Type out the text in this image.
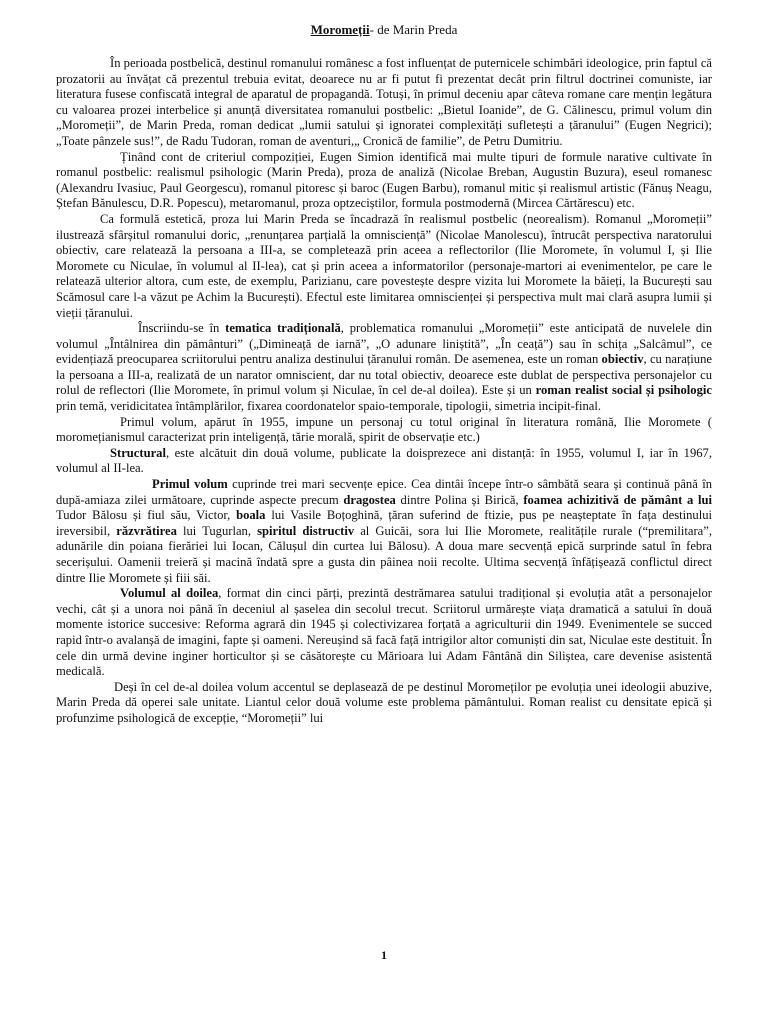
Moromeții- de Marin Preda

În perioada postbelică, destinul romanului românesc a fost influențat de puternicele schimbări ideologice, prin faptul că prozatorii au învățat că prezentul trebuia evitat, deoarece nu ar fi putut fi prezentat decât prin filtrul doctrinei comuniste, iar literatura fusese confiscată integral de aparatul de propagandă. Totuși, în primul deceniu apar câteva romane care mențin legătura cu valoarea prozei interbelice și anunță diversitatea romanului postbelic: „Bietul Ioanide”, de G. Călinescu, primul volum din „Moromeții”, de Marin Preda, roman dedicat „lumii satului și ignoratei complexități sufletești a țăranului” (Eugen Negrici); „Toate pânzele sus!”, de Radu Tudoran, roman de aventuri,„ Cronică de familie”, de Petru Dumitriu.

Ținând cont de criteriul compoziției, Eugen Simion identifică mai multe tipuri de formule narative cultivate în romanul postbelic: realismul psihologic (Marin Preda), proza de analiză (Nicolae Breban, Augustin Buzura), eseul romanesc (Alexandru Ivasiuc, Paul Georgescu), romanul pitoresc și baroc (Eugen Barbu), romanul mitic și realismul artistic (Fănuș Neagu, Ștefan Bănulescu, D.R. Popescu), metaromanul, proza optzeciștilor, formula postmodernă (Mircea Cărtărescu) etc.

Ca formulă estetică, proza lui Marin Preda se încadrază în realismul postbelic (neorealism). Romanul „Moromeții” ilustrează sfârșitul romanului doric, „renunțarea parțială la omnisciență” (Nicolae Manolescu), întrucât perspectiva naratorului obiectiv, care relatează la persoana a III-a, se completează prin aceea a reflectorilor (Ilie Moromete, în volumul I, și Ilie Moromete cu Niculae, în volumul al II-lea), cat și prin aceea a informatorilor (personaje-martori ai evenimentelor, pe care le relatează ulterior altora, cum este, de exemplu, Parizianu, care povestește despre vizita lui Moromete la băieți, la București sau Scămosul care l-a văzut pe Achim la București). Efectul este limitarea omniscienței și perspectiva mult mai clară asupra lumii și vieții țăranului.

Înscriindu-se în tematica tradițională, problematica romanului „Moromeții” este anticipată de nuvelele din volumul „Întâlnirea din pământuri” („Dimineață de iarnă”, „O adunare liniștită”, „În ceață”) sau în schița „Salcâmul”, ce evidențiază preocuparea scriitorului pentru analiza destinului țăranului român. De asemenea, este un roman obiectiv, cu narațiune la persoana a III-a, realizată de un narator omniscient, dar nu total obiectiv, deoarece este dublat de perspectiva personajelor cu rolul de reflectori (Ilie Moromete, în primul volum și Niculae, în cel de-al doilea). Este și un roman realist social și psihologic prin temă, veridicitatea întâmplărilor, fixarea coordonatelor spaio-temporale, tipologii, simetria incipit-final.

Primul volum, apărut în 1955, impune un personaj cu totul original în literatura română, Ilie Moromete ( moromețianismul caracterizat prin inteligență, tărie morală, spirit de observație etc.)

Structural, este alcătuit din două volume, publicate la doisprezece ani distanță: în 1955, volumul I, iar în 1967, volumul al II-lea.

Primul volum cuprinde trei mari secvențe epice. Cea dintâi începe într-o sâmbătă seara și continuă până în după-amiaza zilei următoare, cuprinde aspecte precum dragostea dintre Polina și Birică, foamea achizitivă de pământ a lui Tudor Bălosu și fiul său, Victor, boala lui Vasile Boțoghină, țăran suferind de ftizie, pus pe neașteptate în fața destinului ireversibil, răzvrătirea lui Tugurlan, spiritul distructiv al Guicăi, sora lui Ilie Moromete, realitățile rurale (“premilitara”, adunările din poiana fierăriei lui Iocan, Călușul din curtea lui Bălosu). A doua mare secvență epică surprinde satul în febra secerișului. Oamenii treieră și macină îndată spre a gusta din pâinea noii recolte. Ultima secvență înfățișează conflictul direct dintre Ilie Moromete și fiii săi.

Volumul al doilea, format din cinci părți, prezintă destrămarea satului tradițional și evoluția atât a personajelor vechi, cât și a unora noi până în deceniul al șaselea din secolul trecut. Scriitorul urmărește viața dramatică a satului în două momente istorice succesive: Reforma agrară din 1945 și colectivizarea forțată a agriculturii din 1949. Evenimentele se succed rapid într-o avalanșă de imagini, fapte și oameni. Nereușind să facă față intrigilor altor comuniști din sat, Niculae este destituit. În cele din urmă devine inginer horticultor și se căsătorește cu Mărioara lui Adam Fântână din Siliștea, care devenise asistentă medicală.

Deși în cel de-al doilea volum accentul se deplasează de pe destinul Moromeților pe evoluția unei ideologii abuzive, Marin Preda dă operei sale unitate. Liantul celor două volume este problema pământului. Roman realist cu densitate epică și profunzime psihologică de excepție, “Moromeții” lui

1
